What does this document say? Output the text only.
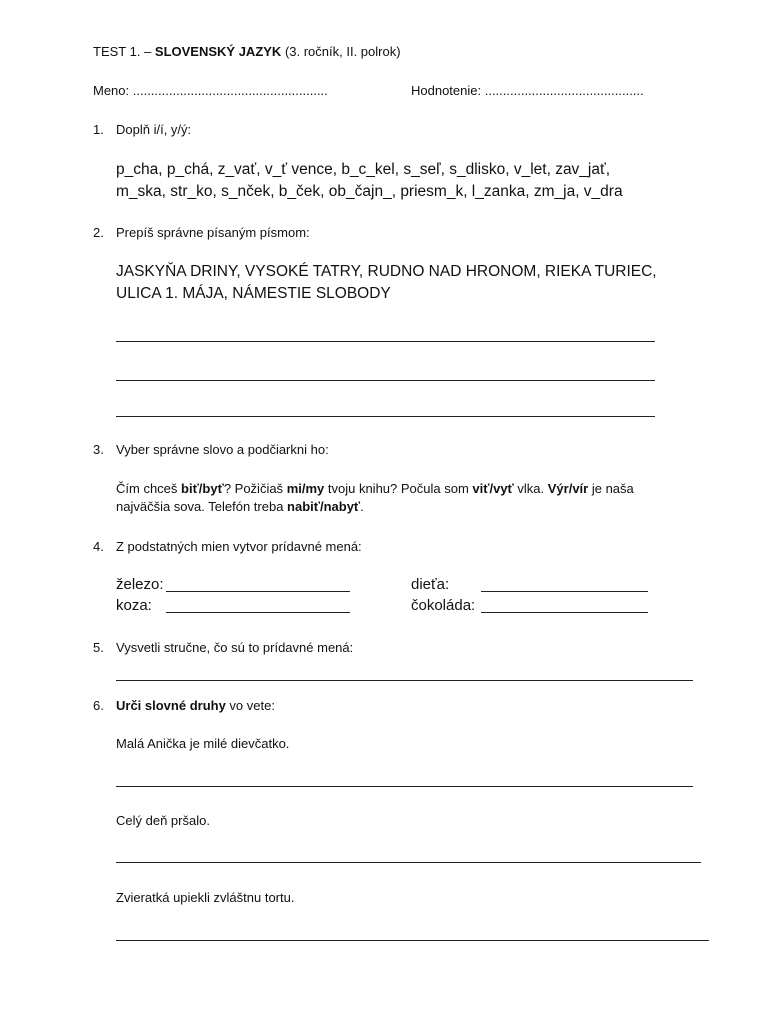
TEST 1. – SLOVENSKÝ JAZYK (3. ročník, II. polrok)
Meno: ......................................................	Hodnotenie: ............................................
1. Doplň i/í, y/ý:
p_cha, p_chá, z_vať, v_ť vence, b_c_kel, s_seľ, s_dlisko, v_let, zav_jať,
m_ska, str_ko, s_nček, b_ček, ob_čajn_, priesm_k, l_zanka, zm_ja, v_dra
2. Prepíš správne písaným písmom:
JASKYŇA DRINY, VYSOKÉ TATRY, RUDNO NAD HRONOM, RIEKA TURIEC,
ULICA 1. MÁJA, NÁMESTIE SLOBODY
3. Vyber správne slovo a podčiarkni ho:
Čím chceš biť/byť? Požičiaš mi/my tvoju knihu? Počula som viť/vyť vlka. Výr/vír je naša
najväčšia sova. Telefón treba nabiť/nabyť.
4. Z podstatných mien vytvor prídavné mená:
železo:
koza:
dieťa:
čokoláda:
5. Vysvetli stručne, čo sú to prídavné mená:
6. Urči slovné druhy vo vete:
Malá Anička je milé dievčatko.
Celý deň pršalo.
Zvieratká upiekli zvláštnu tortu.
